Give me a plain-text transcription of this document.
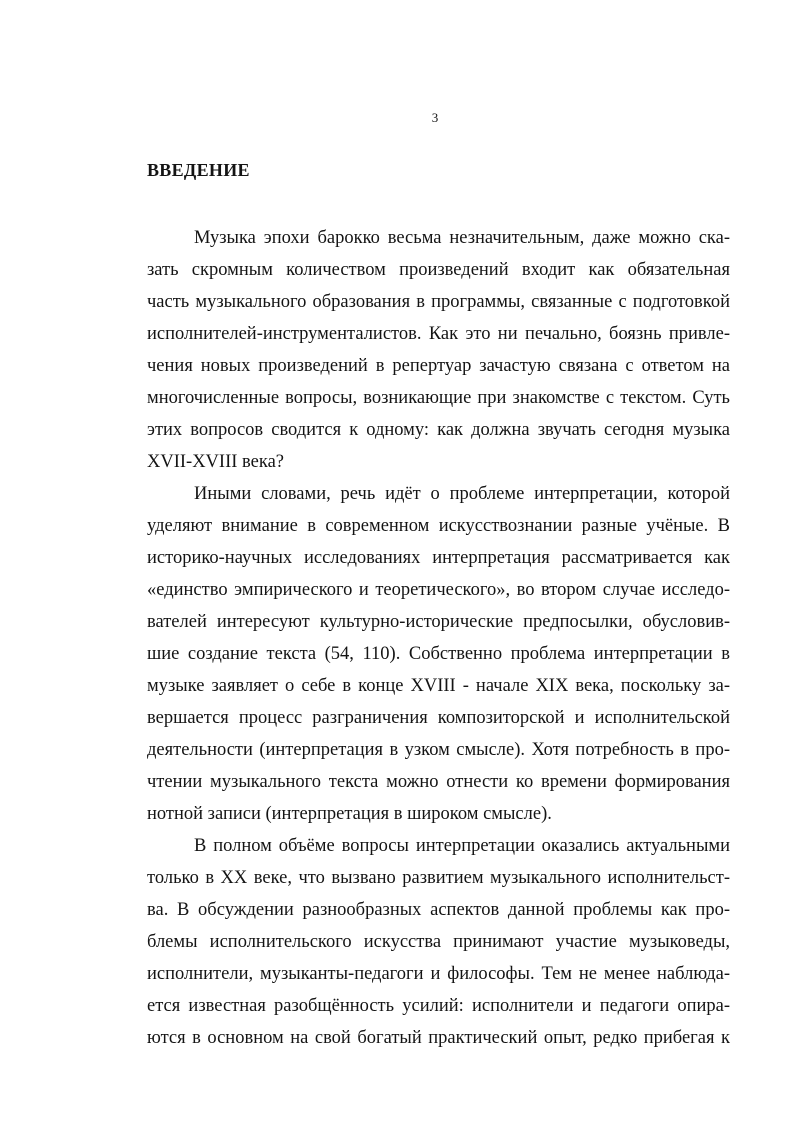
3
ВВЕДЕНИЕ

Музыка эпохи барокко весьма незначительным, даже можно ска-

зать скромным количеством произведений входит как обязательная

часть музыкального образования в программы, связанные с подготовкой

исполнителей-инструменталистов. Как это ни печально, боязнь привле-

чения новых произведений в репертуар зачастую связана с ответом на

многочисленные вопросы, возникающие при знакомстве с текстом. Суть

этих вопросов сводится к одному: как должна звучать сегодня музыка

XVII-XVIII века?

Иными словами, речь идёт о проблеме интерпретации, которой

уделяют внимание в современном искусствознании разные учёные. В

историко-научных исследованиях интерпретация рассматривается как

«единство эмпирического и теоретического», во втором случае исследо-

вателей интересуют культурно-исторические предпосылки, обусловив-

шие создание текста (54, 110). Собственно проблема интерпретации в

музыке заявляет о себе в конце XVIII - начале XIX века, поскольку за-

вершается процесс разграничения композиторской и исполнительской

деятельности (интерпретация в узком смысле). Хотя потребность в про-

чтении музыкального текста можно отнести ко времени формирования

нотной записи (интерпретация в широком смысле).

В полном объёме вопросы интерпретации оказались актуальными

только в XX веке, что вызвано развитием музыкального исполнительст-

ва. В обсуждении разнообразных аспектов данной проблемы как про-

блемы исполнительского искусства принимают участие музыковеды,

исполнители, музыканты-педагоги и философы. Тем не менее наблюда-

ется известная разобщённость усилий: исполнители и педагоги опира-

ются в основном на свой богатый практический опыт, редко прибегая к
